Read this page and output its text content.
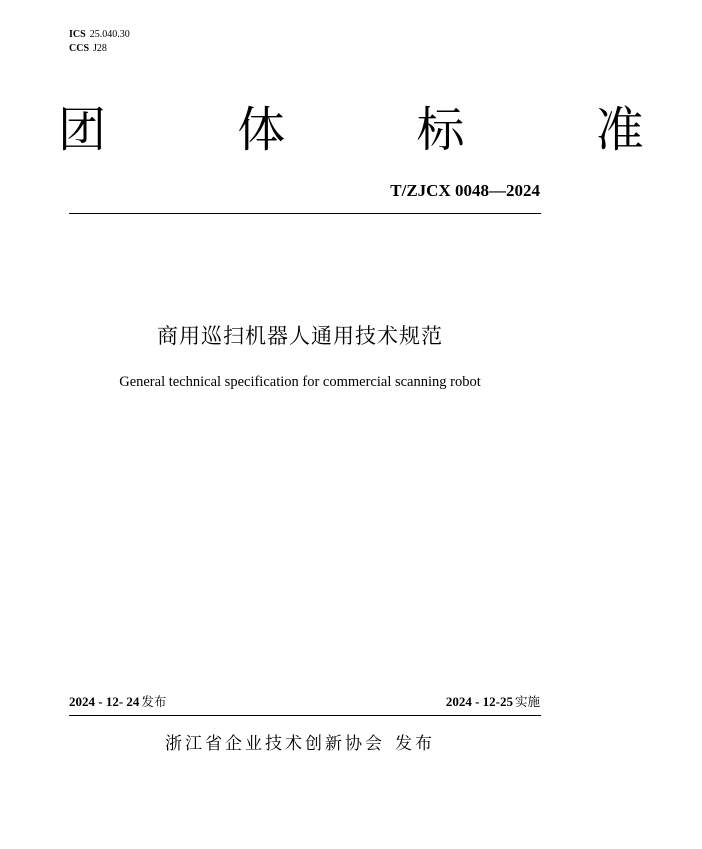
ICS 25.040.30
CCS J28
团 体 标 准
T/ZJCX 0048—2024
商用巡扫机器人通用技术规范
General technical specification for commercial scanning robot
2024 - 12- 24 发布	2024 - 12-25 实施
浙江省企业技术创新协会 发布
